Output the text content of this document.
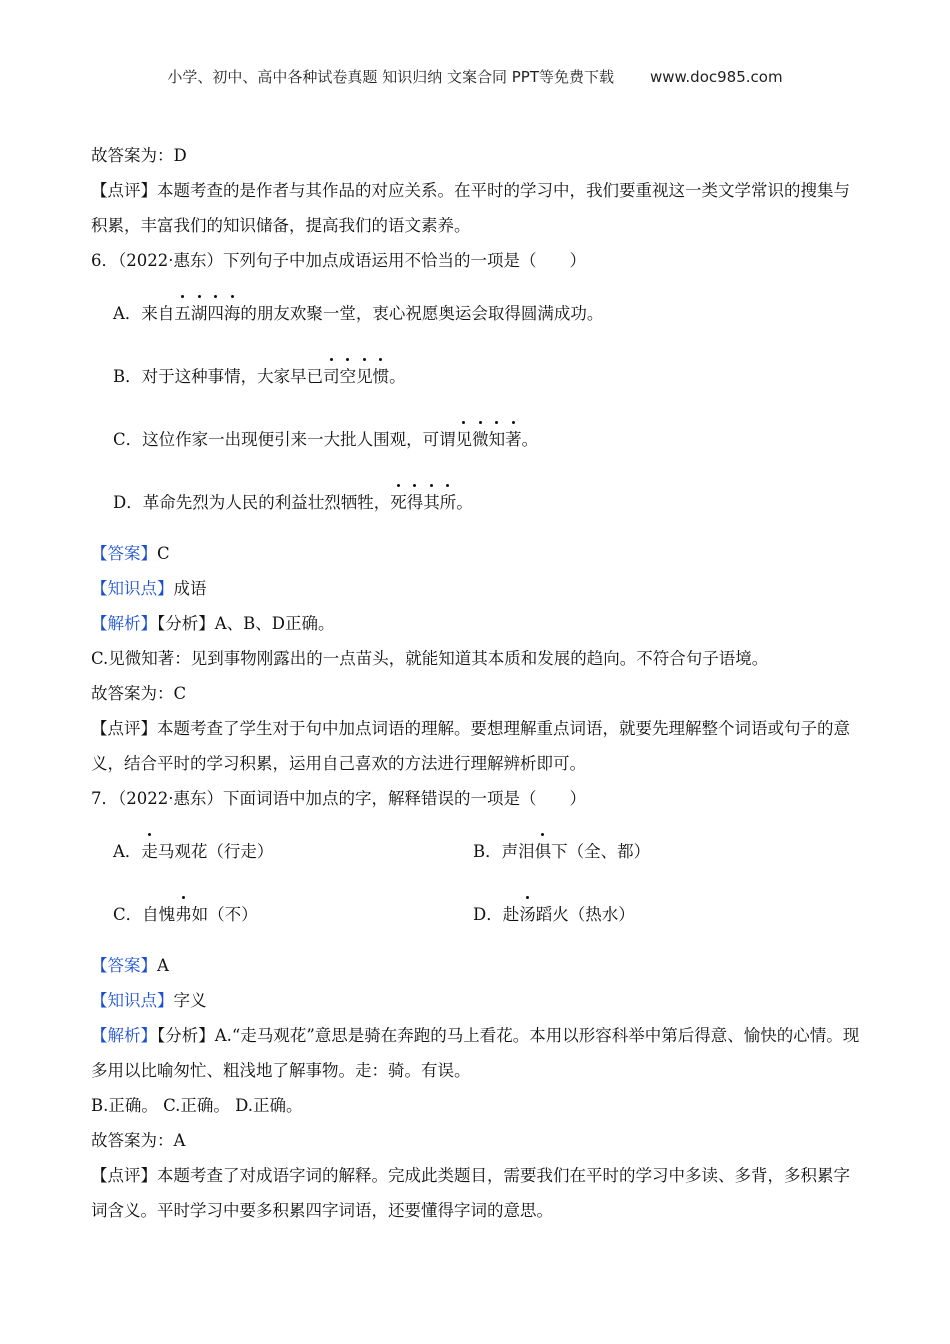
小学、初中、高中各种试卷真题 知识归纳 文案合同 PPT等免费下载 www.doc985.com
故答案为：D
【点评】本题考查的是作者与其作品的对应关系。在平时的学习中，我们要重视这一类文学常识的搜集与积累，丰富我们的知识储备，提高我们的语文素养。
6．（2022·惠东）下列句子中加点成语运用不恰当的一项是（　　）
A．来自五湖四海的朋友欢聚一堂，衷心祝愿奥运会取得圆满成功。
B．对于这种事情，大家早已司空见惯。
C．这位作家一出现便引来一大批人围观，可谓见微知著。
D．革命先烈为人民的利益壮烈牺牲，死得其所。
【答案】C
【知识点】成语
【解析】【分析】A、B、D正确。
C.见微知著：见到事物刚露出的一点苗头，就能知道其本质和发展的趋向。不符合句子语境。
故答案为：C
【点评】本题考查了学生对于句中加点词语的理解。要想理解重点词语，就要先理解整个词语或句子的意义，结合平时的学习积累，运用自己喜欢的方法进行理解辨析即可。
7．（2022·惠东）下面词语中加点的字，解释错误的一项是（　　）
A．走马观花（行走）	B．声泪俱下（全、都）
C．自愧弗如（不）	D．赴汤蹈火（热水）
【答案】A
【知识点】字义
【解析】【分析】A.“走马观花”意思是骑在奔跑的马上看花。本用以形容科举中第后得意、愉快的心情。现多用以比喻匆忙、粗浅地了解事物。走：骑。有误。
B.正确。 C.正确。 D.正确。
故答案为：A
【点评】本题考查了对成语字词的解释。完成此类题目，需要我们在平时的学习中多读、多背，多积累字词含义。平时学习中要多积累四字词语，还要懂得字词的意思。
